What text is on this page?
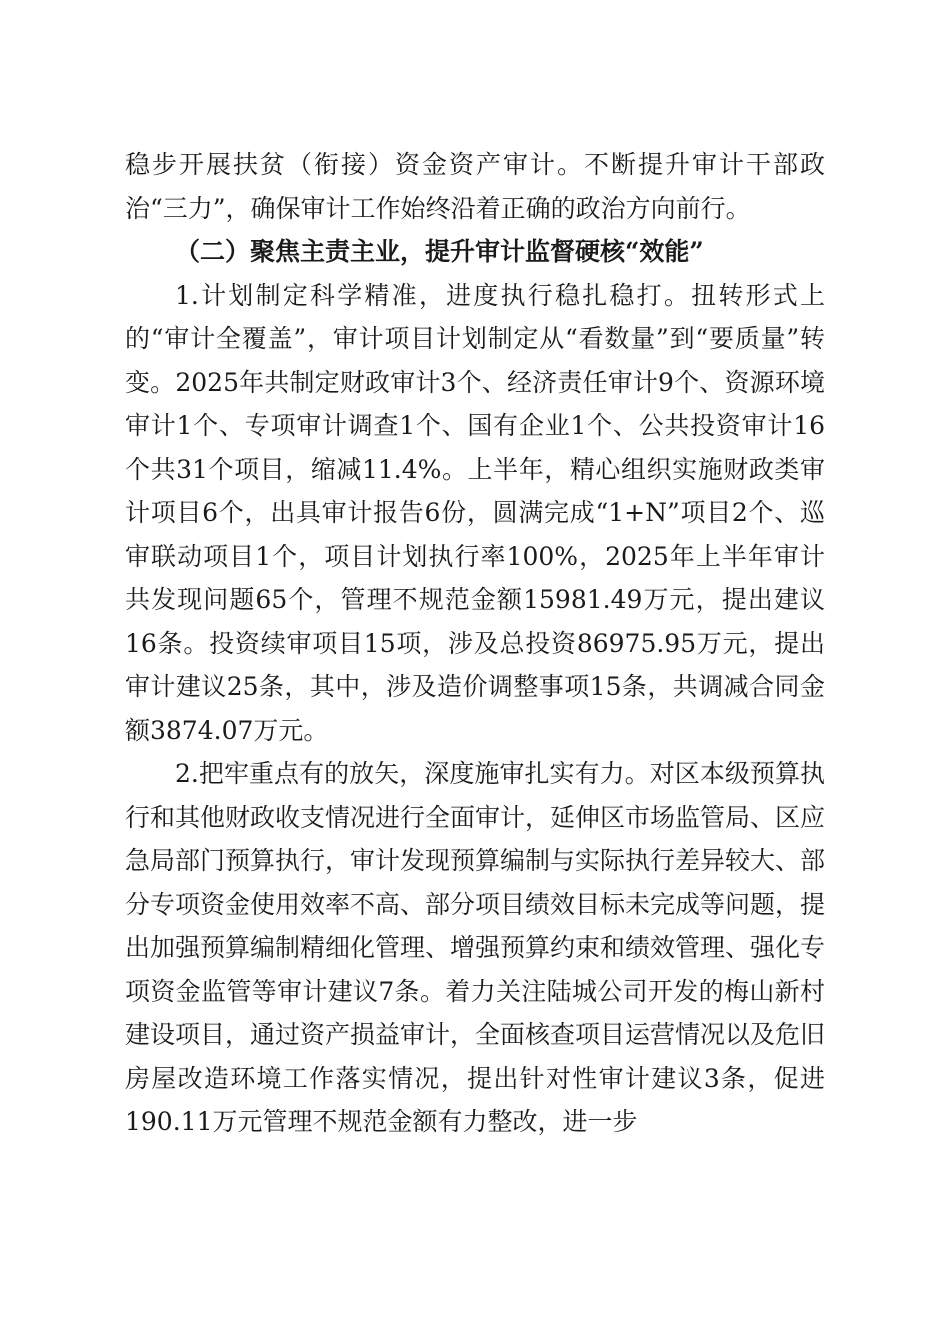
稳步开展扶贫（衔接）资金资产审计。不断提升审计干部政治“三力”，确保审计工作始终沿着正确的政治方向前行。

（二）聚焦主责主业，提升审计监督硬核“效能”

1.计划制定科学精准，进度执行稳扎稳打。扭转形式上的“审计全覆盖”，审计项目计划制定从“看数量”到“要质量”转变。2025年共制定财政审计3个、经济责任审计9个、资源环境审计1个、专项审计调查1个、国有企业1个、公共投资审计16个共31个项目，缩减11.4%。上半年，精心组织实施财政类审计项目6个，出具审计报告6份，圆满完成“1+N”项目2个、巡审联动项目1个，项目计划执行率100%，2025年上半年审计共发现问题65个，管理不规范金额15981.49万元，提出建议16条。投资续审项目15项，涉及总投资86975.95万元，提出审计建议25条，其中，涉及造价调整事项15条，共调减合同金额3874.07万元。

2.把牢重点有的放矢，深度施审扎实有力。对区本级预算执行和其他财政收支情况进行全面审计，延伸区市场监管局、区应急局部门预算执行，审计发现预算编制与实际执行差异较大、部分专项资金使用效率不高、部分项目绩效目标未完成等问题，提出加强预算编制精细化管理、增强预算约束和绩效管理、强化专项资金监管等审计建议7条。着力关注陆城公司开发的梅山新村建设项目，通过资产损益审计，全面核查项目运营情况以及危旧房屋改造环境工作落实情况，提出针对性审计建议3条，促进190.11万元管理不规范金额有力整改，进一步
